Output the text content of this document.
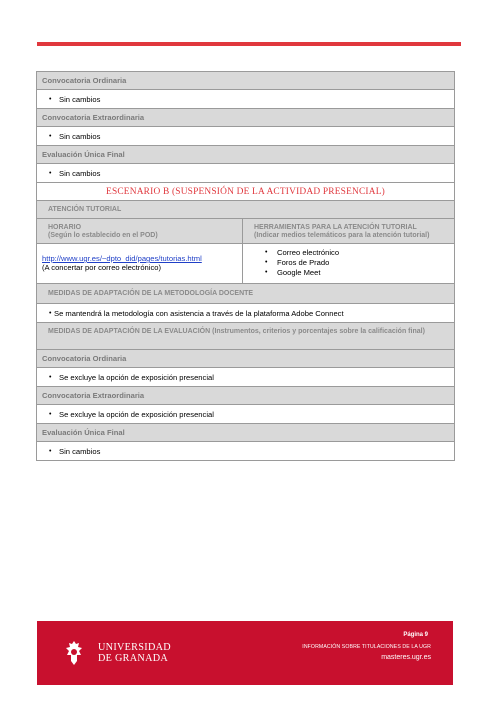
Convocatoria Ordinaria
• Sin cambios
Convocatoria Extraordinaria
• Sin cambios
Evaluación Única Final
• Sin cambios
ESCENARIO B (SUSPENSIÓN DE LA ACTIVIDAD PRESENCIAL)
ATENCIÓN TUTORIAL
HORARIO
(Según lo establecido en el POD)
HERRAMIENTAS PARA LA ATENCIÓN TUTORIAL
(Indicar medios telemáticos para la atención tutorial)
http://www.ugr.es/~dpto_did/pages/tutorias.html
(A concertar por correo electrónico)
• Correo electrónico
• Foros de Prado
• Google Meet
MEDIDAS DE ADAPTACIÓN DE LA METODOLOGÍA DOCENTE
• Se mantendrá la metodología con asistencia a través de la plataforma Adobe Connect
MEDIDAS DE ADAPTACIÓN DE LA EVALUACIÓN (Instrumentos, criterios y porcentajes sobre la calificación final)
Convocatoria Ordinaria
• Se excluye la opción de exposición presencial
Convocatoria Extraordinaria
• Se excluye la opción de exposición presencial
Evaluación Única Final
• Sin cambios
UNIVERSIDAD
DE GRANADA
Página 9
INFORMACIÓN SOBRE TITULACIONES DE LA UGR
masteres.ugr.es
